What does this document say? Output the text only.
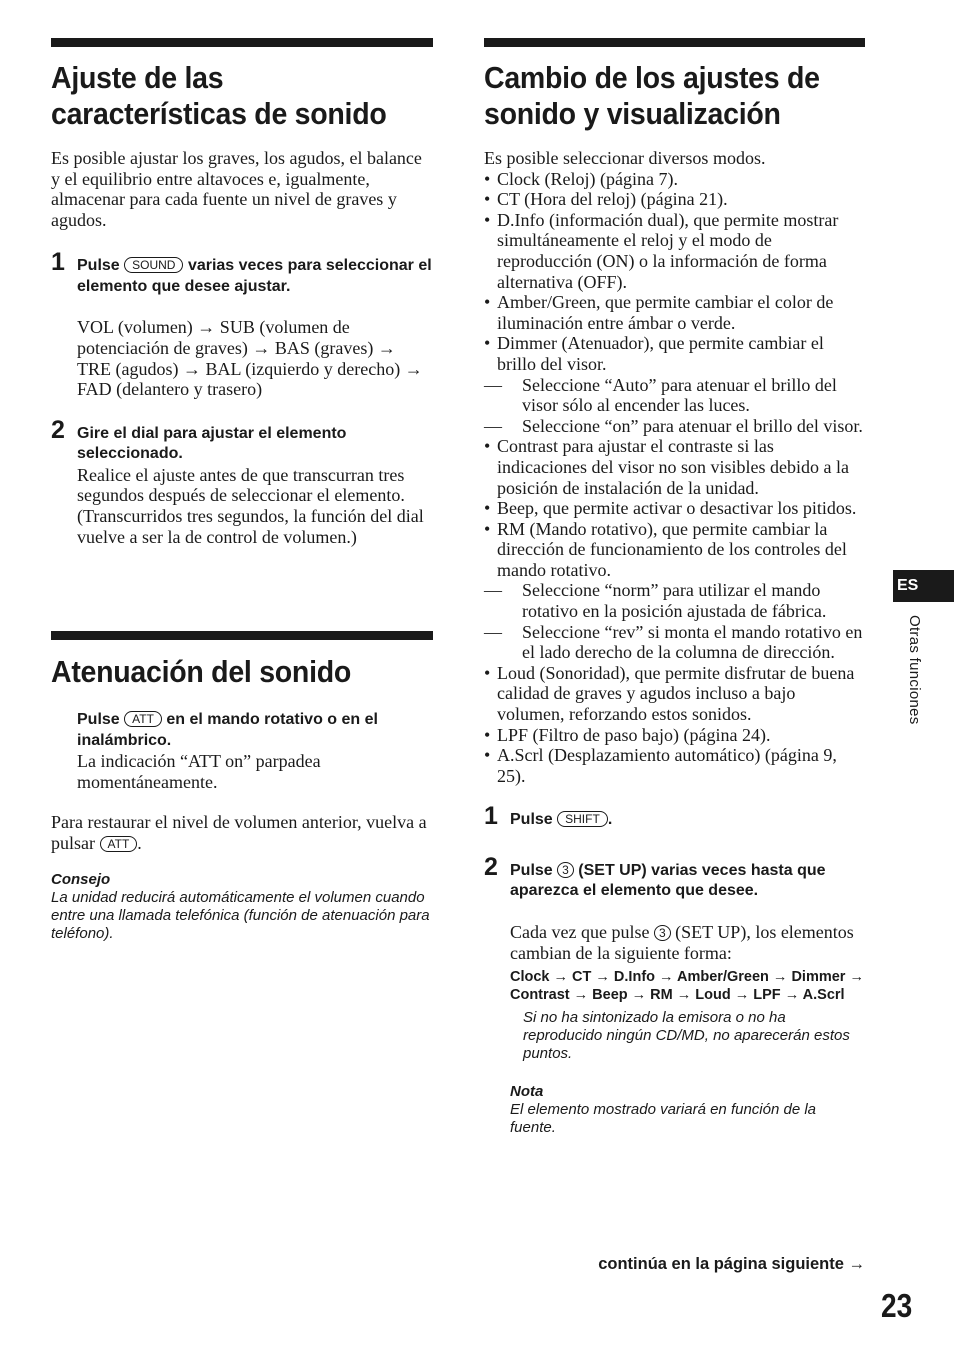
Ajuste de las
características de sonido

Es posible ajustar los graves, los agudos, el balance y el equilibrio entre altavoces e, igualmente, almacenar para cada fuente un nivel de graves y agudos.

1 Pulse SOUND varias veces para seleccionar el elemento que desee ajustar.

VOL (volumen) → SUB (volumen de potenciación de graves) → BAS (graves) → TRE (agudos) → BAL (izquierdo y derecho) → FAD (delantero y trasero)

2 Gire el dial para ajustar el elemento seleccionado.

Realice el ajuste antes de que transcurran tres segundos después de seleccionar el elemento. (Transcurridos tres segundos, la función del dial vuelve a ser la de control de volumen.)

Atenuación del sonido
Pulse ATT en el mando rotativo o en el inalámbrico.

La indicación “ATT on” parpadea momentáneamente.

Para restaurar el nivel de volumen anterior, vuelva a pulsar ATT .

Consejo
La unidad reducirá automáticamente el volumen cuando entre una llamada telefónica (función de atenuación para teléfono).
Cambio de los ajustes de
sonido y visualización

Es posible seleccionar diversos modos.

• Clock (Reloj) (página 7).
• CT (Hora del reloj) (página 21).
• D.Info (información dual), que permite mostrar simultáneamente el reloj y el modo de reproducción (ON) o la información de forma alternativa (OFF).
• Amber/Green, que permite cambiar el color de iluminación entre ámbar o verde.
• Dimmer (Atenuador), que permite cambiar el brillo del visor.
— Seleccione “Auto” para atenuar el brillo del visor sólo al encender las luces.
— Seleccione “on” para atenuar el brillo del visor.
• Contrast para ajustar el contraste si las indicaciones del visor no son visibles debido a la posición de instalación de la unidad.
• Beep, que permite activar o desactivar los pitidos.
• RM (Mando rotativo), que permite cambiar la dirección de funcionamiento de los controles del mando rotativo.
— Seleccione “norm” para utilizar el mando rotativo en la posición ajustada de fábrica.
— Seleccione “rev” si monta el mando rotativo en el lado derecho de la columna de dirección.
• Loud (Sonoridad), que permite disfrutar de buena calidad de graves y agudos incluso a bajo volumen, reforzando estos sonidos.
• LPF (Filtro de paso bajo) (página 24).
• A.Scrl (Desplazamiento automático) (página 9, 25).
1 Pulse SHIFT .
2 Pulse 3 (SET UP) varias veces hasta que aparezca el elemento que desee.

Cada vez que pulse 3 (SET UP), los elementos cambian de la siguiente forma:

Clock → CT → D.Info → Amber/Green → Dimmer → Contrast → Beep → RM → Loud → LPF → A.Scrl
Si no ha sintonizado la emisora o no ha reproducido ningún CD/MD, no aparecerán estos puntos.
Nota
El elemento mostrado variará en función de la fuente.
continúa en la página siguiente →
ES
Otras funciones
23
